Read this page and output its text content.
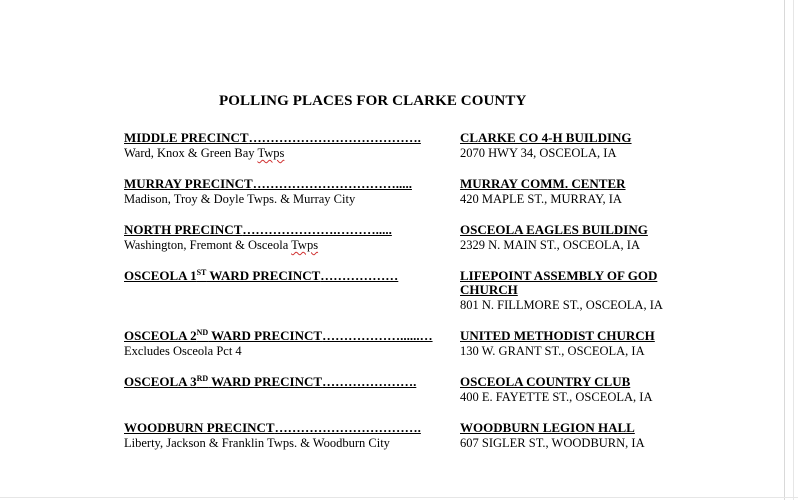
POLLING PLACES FOR CLARKE COUNTY
MIDDLE PRECINCT………………………………….
Ward, Knox & Green Bay Twps
CLARKE CO 4-H BUILDING
2070 HWY 34, OSCEOLA, IA
MURRAY PRECINCT…………………………….....
Madison, Troy & Doyle Twps. & Murray City
MURRAY COMM. CENTER
420 MAPLE ST., MURRAY, IA
NORTH PRECINCT………………….……….....
Washington, Fremont & Osceola Twps
OSCEOLA EAGLES BUILDING
2329 N. MAIN ST., OSCEOLA, IA
OSCEOLA 1ST WARD PRECINCT………………	LIFEPOINT ASSEMBLY OF GOD
CHURCH
801 N. FILLMORE ST., OSCEOLA, IA
OSCEOLA 2ND WARD PRECINCT………………......…
Excludes Osceola Pct 4
UNITED METHODIST CHURCH
130 W. GRANT ST., OSCEOLA, IA
OSCEOLA 3RD WARD PRECINCT………………….	OSCEOLA COUNTRY CLUB
400 E. FAYETTE ST., OSCEOLA, IA
WOODBURN PRECINCT…………………………….
Liberty, Jackson & Franklin Twps. & Woodburn City
WOODBURN LEGION HALL
607 SIGLER ST., WOODBURN, IA
